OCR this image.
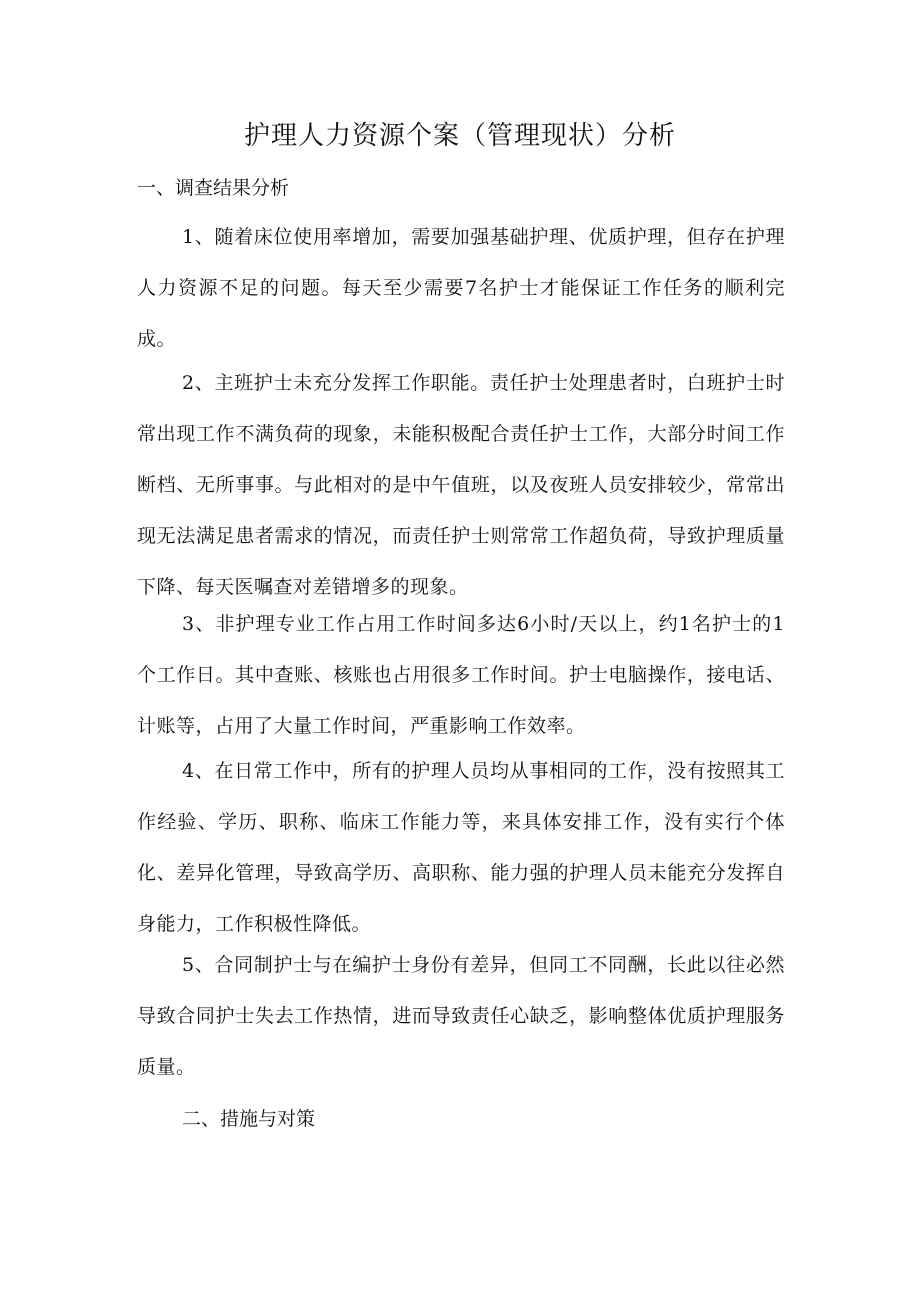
护理人力资源个案（管理现状）分析
一、调查结果分析

1、随着床位使用率增加，需要加强基础护理、优质护理，但存在护理人力资源不足的问题。每天至少需要7名护士才能保证工作任务的顺利完成。

2、主班护士未充分发挥工作职能。责任护士处理患者时，白班护士时常出现工作不满负荷的现象，未能积极配合责任护士工作，大部分时间工作断档、无所事事。与此相对的是中午值班，以及夜班人员安排较少，常常出现无法满足患者需求的情况，而责任护士则常常工作超负荷，导致护理质量下降、每天医嘱查对差错增多的现象。

3、非护理专业工作占用工作时间多达6小时/天以上，约1名护士的1个工作日。其中查账、核账也占用很多工作时间。护士电脑操作，接电话、计账等，占用了大量工作时间，严重影响工作效率。

4、在日常工作中，所有的护理人员均从事相同的工作，没有按照其工作经验、学历、职称、临床工作能力等，来具体安排工作，没有实行个体化、差异化管理，导致高学历、高职称、能力强的护理人员未能充分发挥自身能力，工作积极性降低。

5、合同制护士与在编护士身份有差异，但同工不同酬，长此以往必然导致合同护士失去工作热情，进而导致责任心缺乏，影响整体优质护理服务质量。

二、措施与对策
